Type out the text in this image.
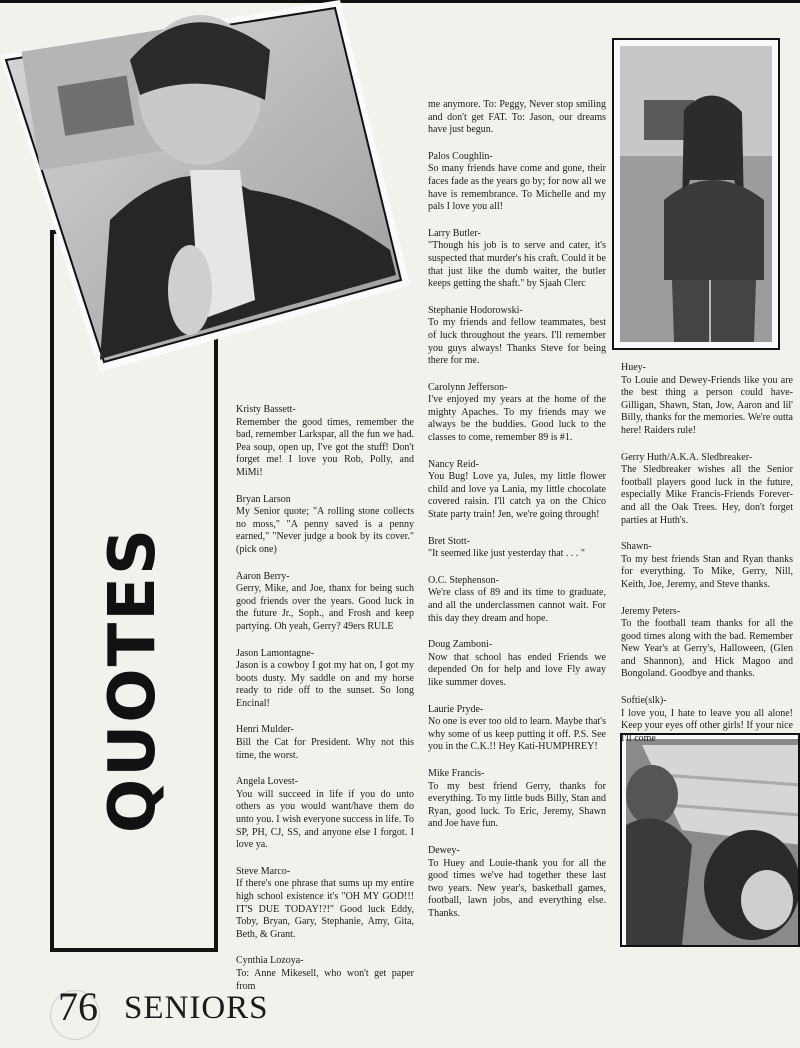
QUOTES
Kristy Bassett-
Remember the good times, remember the bad, remember Larkspar, all the fun we had. Pea soup, open up, I've got the stuff! Don't forget me! I love you Rob, Polly, and MiMi!
Bryan Larson
My Senior quote; "A rolling stone collects no moss," "A penny saved is a penny earned," "Never judge a book by its cover." (pick one)
Aaron Berry-
Gerry, Mike, and Joe, thanx for being such good friends over the years. Good luck in the future Jr., Soph., and Frosh and keep partying. Oh yeah, Gerry? 49ers RULE
Jason Lamontagne-
Jason is a cowboy I got my hat on, I got my boots dusty. My saddle on and my horse ready to ride off to the sunset. So long Encinal!
Henri Mulder-
Bill the Cat for President. Why not this time, the worst.
Angela Lovest-
You will succeed in life if you do unto others as you would want/have them do unto you. I wish everyone success in life. To SP, PH, CJ, SS, and anyone else I forgot. I love ya.
Steve Marco-
If there's one phrase that sums up my entire high school existence it's "OH MY GOD!!! IT'S DUE TODAY!?!" Good luck Eddy, Toby, Bryan, Gary, Stephanie, Amy, Gita, Beth, & Grant.
Cynthia Lozoya-
To: Anne Mikesell, who won't get paper from
me anymore. To: Peggy, Never stop smiling and don't get FAT. To: Jason, our dreams have just begun.
Palos Coughlin-
So many friends have come and gone, their faces fade as the years go by; for now all we have is remembrance. To Michelle and my pals I love you all!
Larry Butler-
"Though his job is to serve and cater, it's suspected that murder's his craft. Could it be that just like the dumb waiter, the butler keeps getting the shaft." by Sjaah Clerc
Stephanie Hodorowski-
To my friends and fellow teammates, best of luck throughout the years. I'll remember you guys always! Thanks Steve for being there for me.
Carolynn Jefferson-
I've enjoyed my years at the home of the mighty Apaches. To my friends may we always be the buddies. Good luck to the classes to come, remember 89 is #1.
Nancy Reid-
You Bug! Love ya, Jules, my little flower child and love ya Lania, my little chocolate covered raisin. I'll catch ya on the Chico State party train! Jen, we're going through!
Bret Stott-
"It seemed like just yesterday that . . . "
O.C. Stephenson-
We're class of 89 and its time to graduate, and all the underclassmen cannot wait. For this day they dream and hope.
Doug Zamboni-
Now that school has ended Friends we depended On for help and love Fly away like summer doves.
Laurie Pryde-
No one is ever too old to learn. Maybe that's why some of us keep putting it off. P.S. See you in the C.K.!! Hey Kati-HUMPHREY!
Mike Francis-
To my best friend Gerry, thanks for everything. To my little buds Billy, Stan and Ryan, good luck. To Eric, Jeremy, Shawn and Joe have fun.
Dewey-
To Huey and Louie-thank you for all the good times we've had together these last two years. New year's, basketball games, football, lawn jobs, and everything else. Thanks.
Huey-
To Louie and Dewey-Friends like you are the best thing a person could have-Gilligan, Shawn, Stan, Jow, Aaron and lil' Billy, thanks for the memories. We're outta here! Raiders rule!
Gerry Huth/A.K.A. Sledbreaker-
The Sledbreaker wishes all the Senior football players good luck in the future, especially Mike Francis-Friends Forever-and all the Oak Trees. Hey, don't forget parties at Huth's.
Shawn-
To my best friends Stan and Ryan thanks for everything. To Mike, Gerry, Nill, Keith, Joe, Jeremy, and Steve thanks.
Jeremy Peters-
To the football team thanks for all the good times along with the bad. Remember New Year's at Gerry's, Halloween, (Glen and Shannon), and Hick Magoo and Bongoland. Goodbye and thanks.
Softie(slk)-
I love you, I hate to leave you all alone! Keep your eyes off other girls! If your nice I'll come
76 SENIORS
